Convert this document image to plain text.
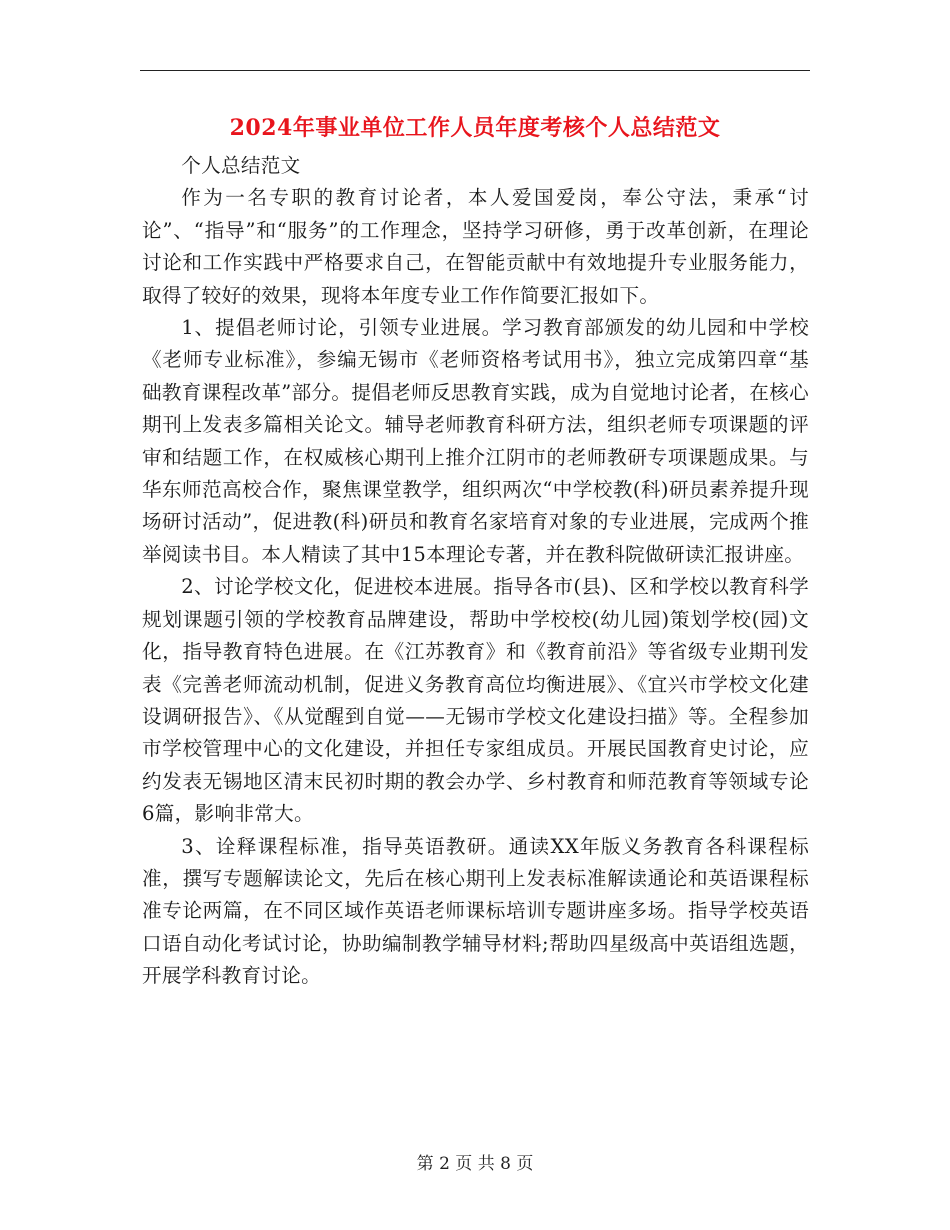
2024年事业单位工作人员年度考核个人总结范文

个人总结范文

作为一名专职的教育讨论者，本人爱国爱岗，奉公守法，秉承“讨论”、“指导”和“服务”的工作理念，坚持学习研修，勇于改革创新，在理论讨论和工作实践中严格要求自己，在智能贡献中有效地提升专业服务能力，取得了较好的效果，现将本年度专业工作作简要汇报如下。

1、提倡老师讨论，引领专业进展。学习教育部颁发的幼儿园和中学校《老师专业标准》，参编无锡市《老师资格考试用书》，独立完成第四章“基础教育课程改革”部分。提倡老师反思教育实践，成为自觉地讨论者，在核心期刊上发表多篇相关论文。辅导老师教育科研方法，组织老师专项课题的评审和结题工作，在权威核心期刊上推介江阴市的老师教研专项课题成果。与华东师范高校合作，聚焦课堂教学，组织两次“中学校教(科)研员素养提升现场研讨活动”，促进教(科)研员和教育名家培育对象的专业进展，完成两个推举阅读书目。本人精读了其中15本理论专著，并在教科院做研读汇报讲座。

2、讨论学校文化，促进校本进展。指导各市(县)、区和学校以教育科学规划课题引领的学校教育品牌建设，帮助中学校校(幼儿园)策划学校(园)文化，指导教育特色进展。在《江苏教育》和《教育前沿》等省级专业期刊发表《完善老师流动机制，促进义务教育高位均衡进展》、《宜兴市学校文化建设调研报告》、《从觉醒到自觉——无锡市学校文化建设扫描》等。全程参加市学校管理中心的文化建设，并担任专家组成员。开展民国教育史讨论，应约发表无锡地区清末民初时期的教会办学、乡村教育和师范教育等领域专论6篇，影响非常大。

3、诠释课程标准，指导英语教研。通读XX年版义务教育各科课程标准，撰写专题解读论文，先后在核心期刊上发表标准解读通论和英语课程标准专论两篇，在不同区域作英语老师课标培训专题讲座多场。指导学校英语口语自动化考试讨论，协助编制教学辅导材料;帮助四星级高中英语组选题，开展学科教育讨论。

第 2 页 共 8 页
